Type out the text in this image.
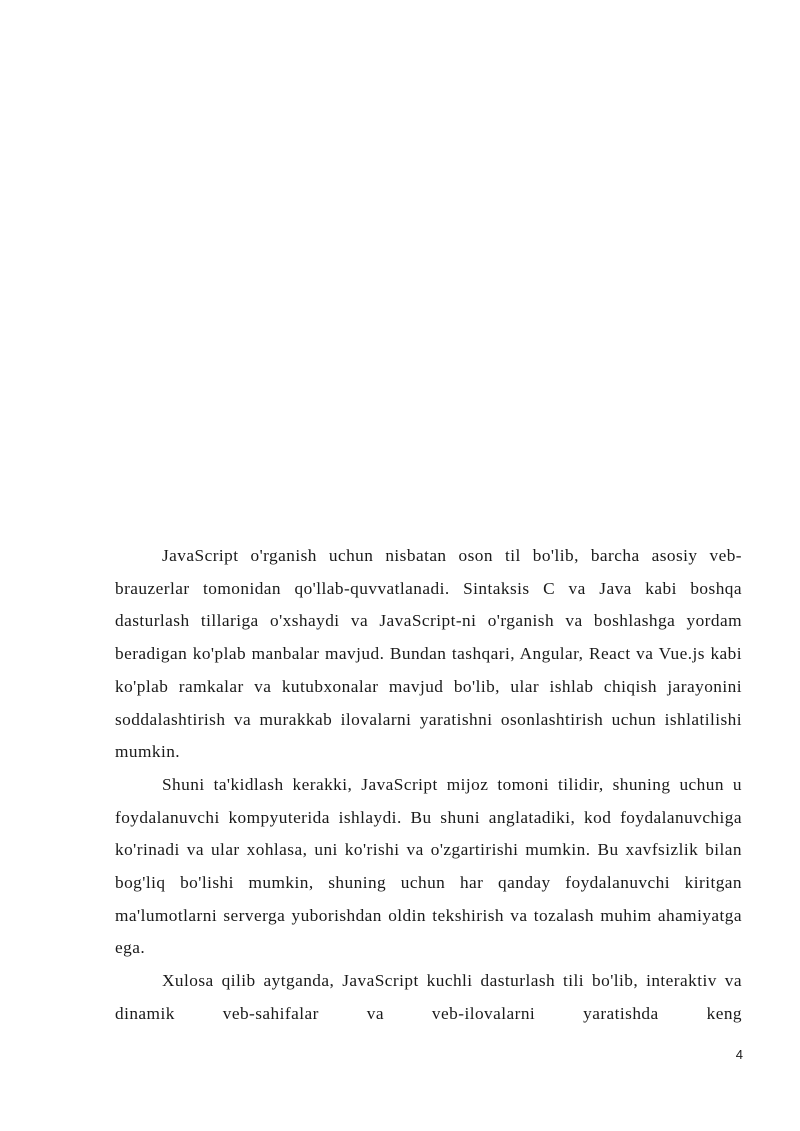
JavaScript o'rganish uchun nisbatan oson til bo'lib, barcha asosiy veb-brauzerlar tomonidan qo'llab-quvvatlanadi. Sintaksis C va Java kabi boshqa dasturlash tillariga o'xshaydi va JavaScript-ni o'rganish va boshlashga yordam beradigan ko'plab manbalar mavjud. Bundan tashqari, Angular, React va Vue.js kabi ko'plab ramkalar va kutubxonalar mavjud bo'lib, ular ishlab chiqish jarayonini soddalashtirish va murakkab ilovalarni yaratishni osonlashtirish uchun ishlatilishi mumkin.

Shuni ta'kidlash kerakki, JavaScript mijoz tomoni tilidir, shuning uchun u foydalanuvchi kompyuterida ishlaydi. Bu shuni anglatadiki, kod foydalanuvchiga ko'rinadi va ular xohlasa, uni ko'rishi va o'zgartirishi mumkin. Bu xavfsizlik bilan bog'liq bo'lishi mumkin, shuning uchun har qanday foydalanuvchi kiritgan ma'lumotlarni serverga yuborishdan oldin tekshirish va tozalash muhim ahamiyatga ega.

Xulosa qilib aytganda, JavaScript kuchli dasturlash tili bo'lib, interaktiv va dinamik veb-sahifalar va veb-ilovalarni yaratishda keng

4
